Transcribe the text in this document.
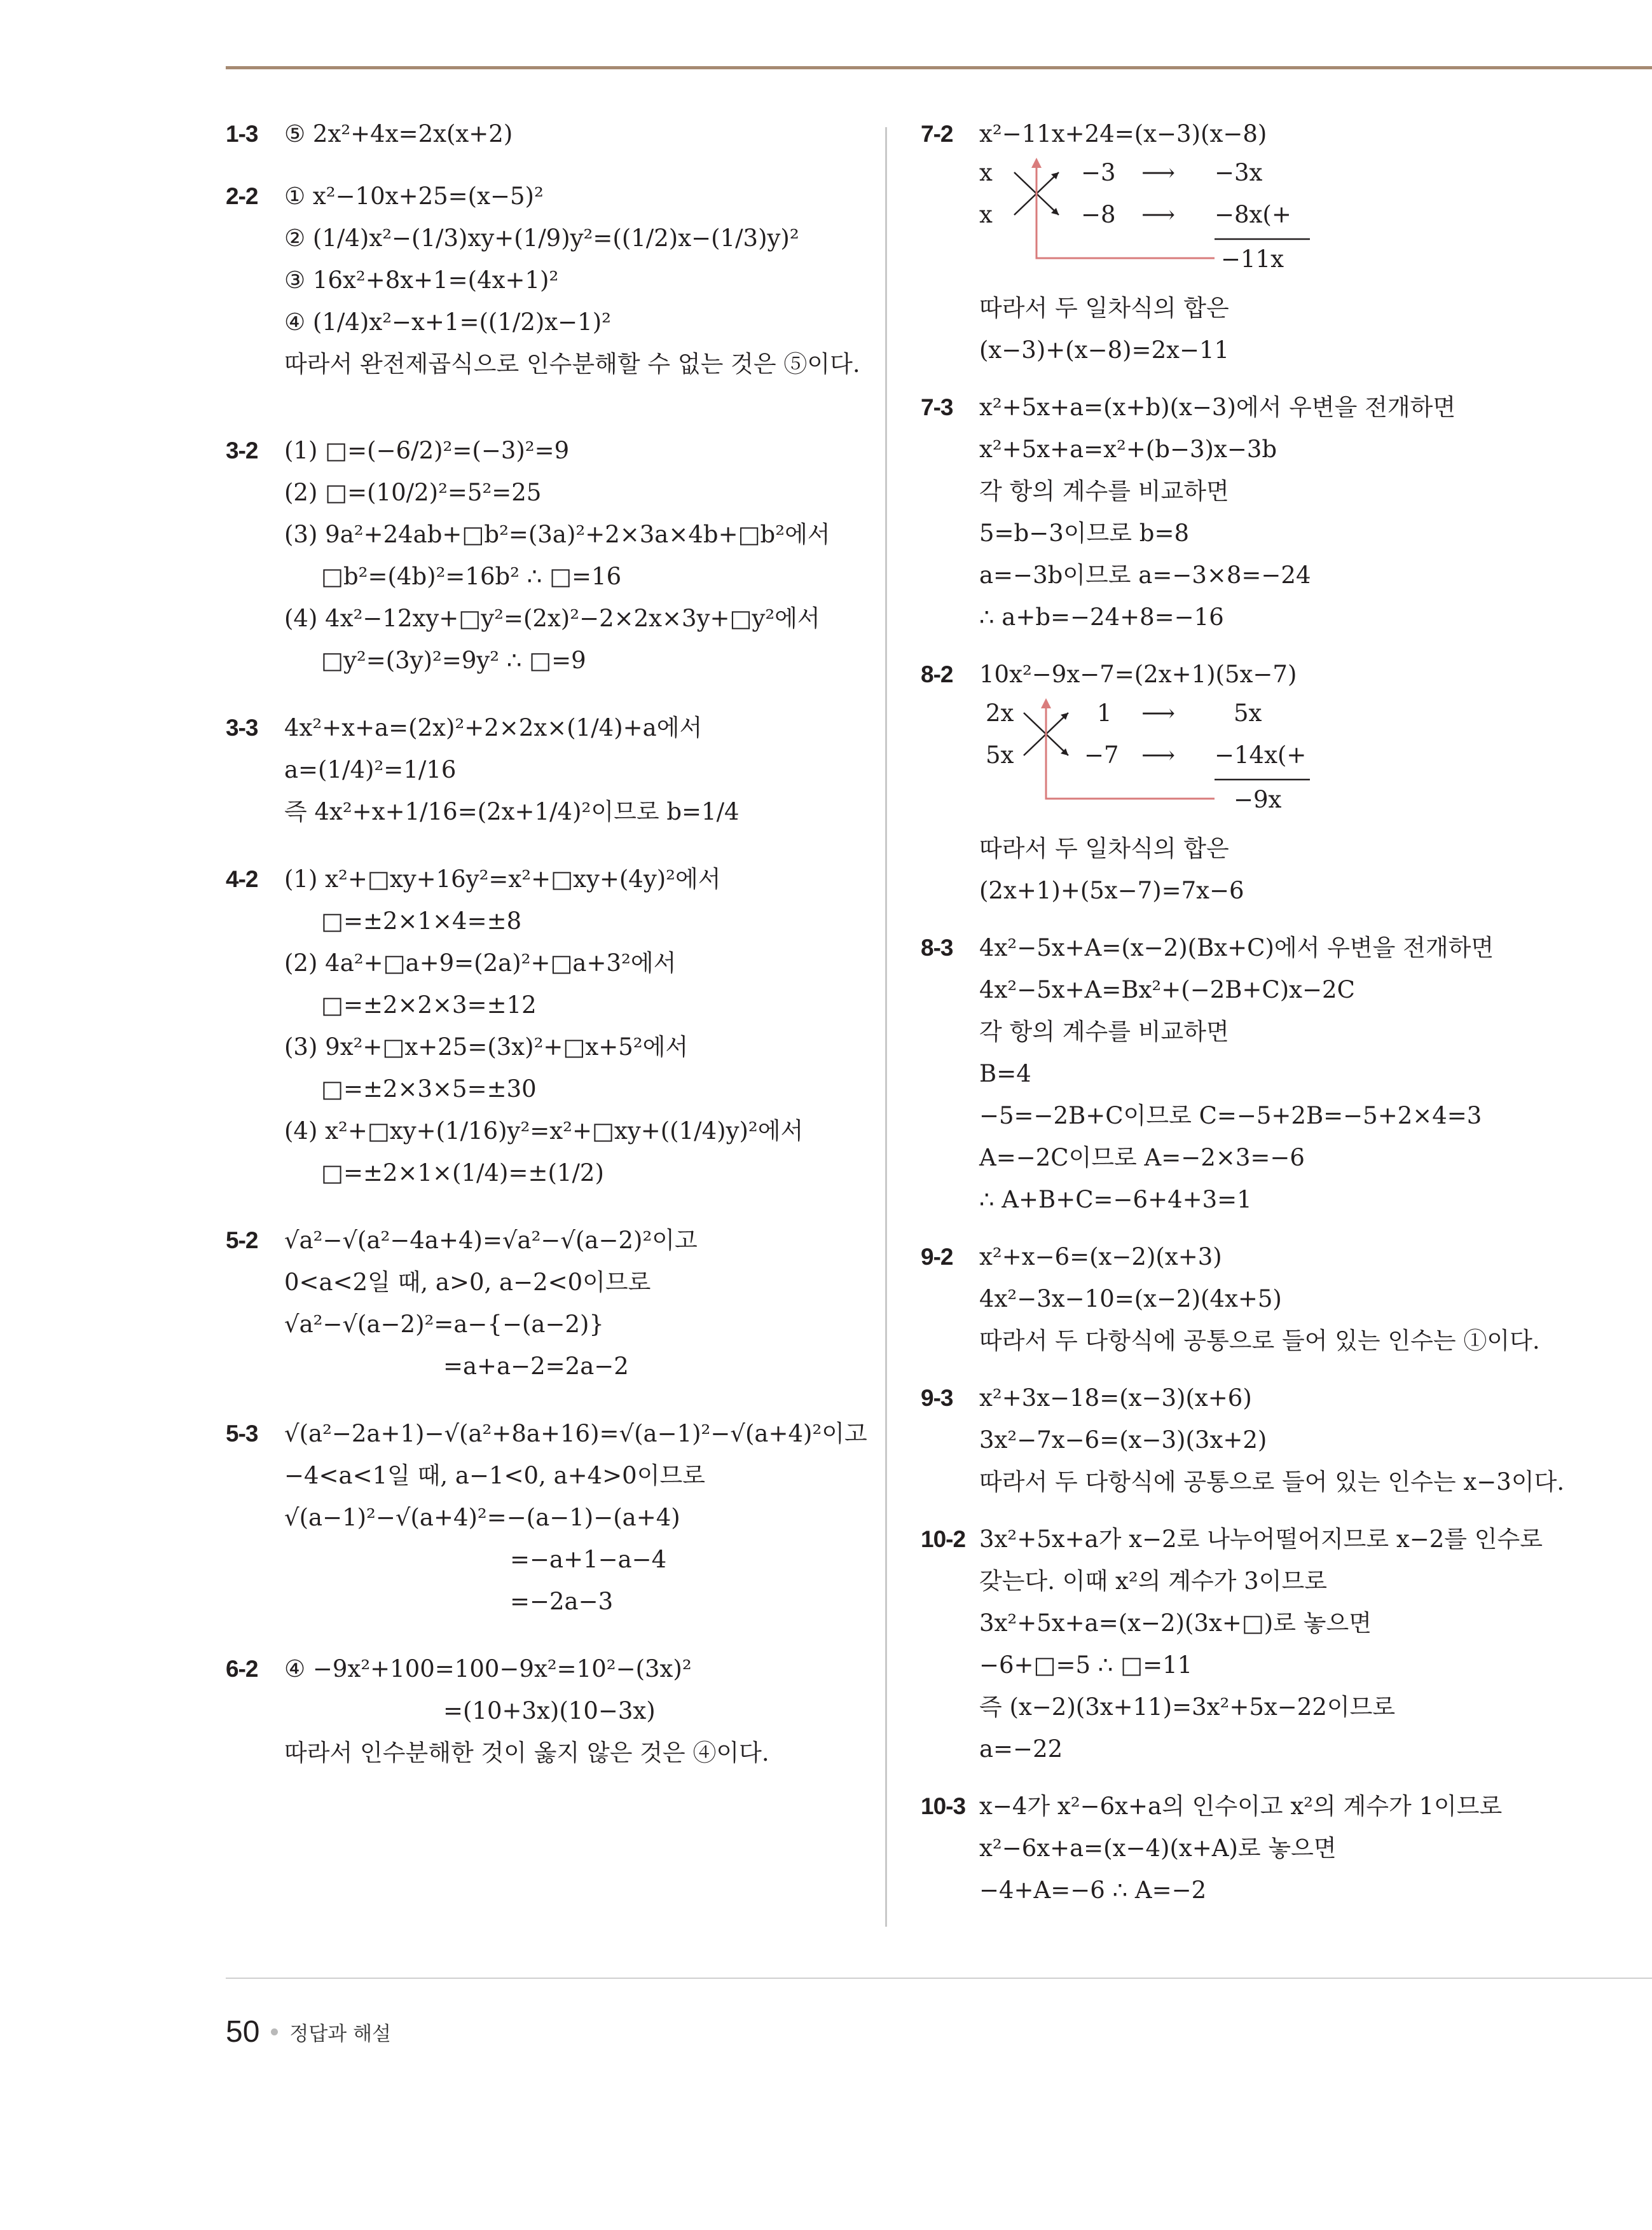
1-3 ⑤ 2x²+4x=2x(x+2)
2-2 ① x²−10x+25=(x−5)²
② (1/4)x²−(1/3)xy+(1/9)y²=((1/2)x−(1/3)y)²
③ 16x²+8x+1=(4x+1)²
④ (1/4)x²−x+1=((1/2)x−1)²
따라서 완전제곱식으로 인수분해할 수 없는 것은 ⑤이다.
3-2 (1) □=(−6/2)²=(−3)²=9
(2) □=(10/2)²=5²=25
(3) 9a²+24ab+□b²=(3a)²+2×3a×4b+□b²에서
□b²=(4b)²=16b² ∴ □=16
(4) 4x²−12xy+□y²=(2x)²−2×2x×3y+□y²에서
□y²=(3y)²=9y² ∴ □=9
3-3 4x²+x+a=(2x)²+2×2x×(1/4)+a에서
a=(1/4)²=1/16
즉 4x²+x+1/16=(2x+1/4)²이므로 b=1/4
4-2 (1) x²+□xy+16y²=x²+□xy+(4y)²에서
□=±2×1×4=±8
(2) 4a²+□a+9=(2a)²+□a+3²에서
□=±2×2×3=±12
(3) 9x²+□x+25=(3x)²+□x+5²에서
□=±2×3×5=±30
(4) x²+□xy+(1/16)y²=x²+□xy+((1/4)y)²에서
□=±2×1×(1/4)=±(1/2)
5-2 √a²−√(a²−4a+4)=√a²−√(a−2)²이고
0<a<2일 때, a>0, a−2<0이므로
√a²−√(a−2)²=a−{−(a−2)}
=a+a−2=2a−2
5-3 √(a²−2a+1)−√(a²+8a+16)=√(a−1)²−√(a+4)²이고
−4<a<1일 때, a−1<0, a+4>0이므로
√(a−1)²−√(a+4)²=−(a−1)−(a+4)
=−a+1−a−4
=−2a−3
6-2 ④ −9x²+100=100−9x²=10²−(3x)²
=(10+3x)(10−3x)
따라서 인수분해한 것이 옳지 않은 것은 ④이다.
7-2 x²−11x+24=(x−3)(x−8)
x	−3 ⟶ −3x
x	−8 ⟶ −8x(+
−11x
따라서 두 일차식의 합은
(x−3)+(x−8)=2x−11
7-3 x²+5x+a=(x+b)(x−3)에서 우변을 전개하면
x²+5x+a=x²+(b−3)x−3b
각 항의 계수를 비교하면
5=b−3이므로 b=8
a=−3b이므로 a=−3×8=−24
∴ a+b=−24+8=−16
8-2 10x²−9x−7=(2x+1)(5x−7)
2x	1 ⟶ 5x
5x	−7 ⟶ −14x(+
−9x
따라서 두 일차식의 합은
(2x+1)+(5x−7)=7x−6
8-3 4x²−5x+A=(x−2)(Bx+C)에서 우변을 전개하면
4x²−5x+A=Bx²+(−2B+C)x−2C
각 항의 계수를 비교하면
B=4
−5=−2B+C이므로 C=−5+2B=−5+2×4=3
A=−2C이므로 A=−2×3=−6
∴ A+B+C=−6+4+3=1
9-2 x²+x−6=(x−2)(x+3)
4x²−3x−10=(x−2)(4x+5)
따라서 두 다항식에 공통으로 들어 있는 인수는 ①이다.
9-3 x²+3x−18=(x−3)(x+6)
3x²−7x−6=(x−3)(3x+2)
따라서 두 다항식에 공통으로 들어 있는 인수는 x−3이다.
10-2 3x²+5x+a가 x−2로 나누어떨어지므로 x−2를 인수로
갖는다. 이때 x²의 계수가 3이므로
3x²+5x+a=(x−2)(3x+□)로 놓으면
−6+□=5 ∴ □=11
즉 (x−2)(3x+11)=3x²+5x−22이므로
a=−22
10-3 x−4가 x²−6x+a의 인수이고 x²의 계수가 1이므로
x²−6x+a=(x−4)(x+A)로 놓으면
−4+A=−6 ∴ A=−2
50 정답과 해설
